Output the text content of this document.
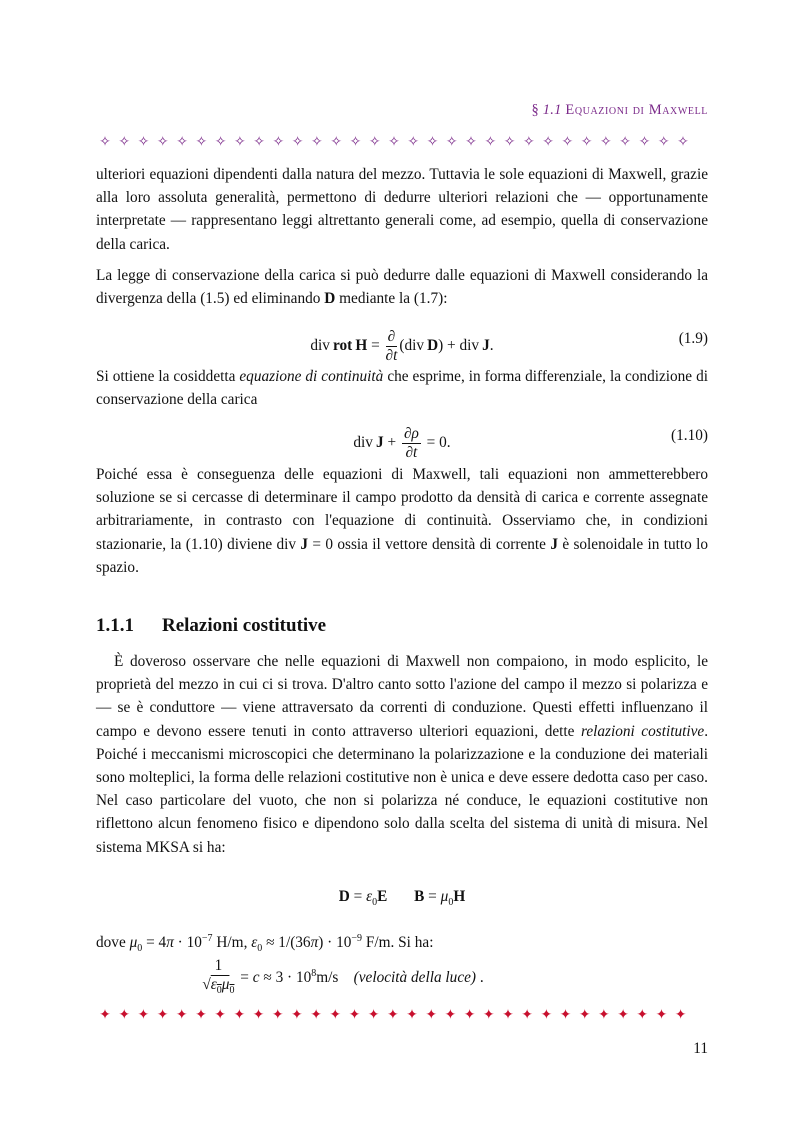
§ 1.1 Equazioni di Maxwell
✧ ✧ ✧ ✧ ✧ ✧ ✧ ✧ ✧ ✧ ✧ ✧ ✧ ✧ ✧ ✧ ✧ ✧ ✧ ✧ ✧ ✧ ✧ ✧ ✧ ✧ ✧ ✧ ✧ ✧ ✧

ulteriori equazioni dipendenti dalla natura del mezzo. Tuttavia le sole equazioni di Maxwell, grazie alla loro assoluta generalità, permettono di dedurre ulteriori relazioni che — opportunamente interpretate — rappresentano leggi altrettanto generali come, ad esempio, quella di conservazione della carica.

La legge di conservazione della carica si può dedurre dalle equazioni di Maxwell considerando la divergenza della (1.5) ed eliminando D mediante la (1.7):

div rot  $H = \frac{\partial}{\partial t} (div$ D) + div J.	(1.9)

Si ottiene la cosiddetta equazione di continuità che esprime, in forma differenziale, la condizione di conservazione della carica

div $J + \frac{\partial\rho}{\partial t} = 0$.	(1.10)

Poiché essa è conseguenza delle equazioni di Maxwell, tali equazioni non ammetterebbero soluzione se si cercasse di determinare il campo prodotto da densità di carica e corrente assegnate arbitrariamente, in contrasto con l'equazione di continuità. Osserviamo che, in condizioni stazionarie, la (1.10) diviene div J = 0 ossia il vettore densità di corrente J è solenoidale in tutto lo spazio.

1.1.1 Relazioni costitutive

È doveroso osservare che nelle equazioni di Maxwell non compaiono, in modo esplicito, le proprietà del mezzo in cui ci si trova. D'altro canto sotto l'azione del campo il mezzo si polarizza e — se è conduttore — viene attraversato da correnti di conduzione. Questi effetti influenzano il campo e devono essere tenuti in conto attraverso ulteriori equazioni, dette relazioni costitutive. Poiché i meccanismi microscopici che determinano la polarizzazione e la conduzione dei materiali sono molteplici, la forma delle relazioni costitutive non è unica e deve essere dedotta caso per caso. Nel caso particolare del vuoto, che non si polarizza né conduce, le equazioni costitutive non riflettono alcun fenomeno fisico e dipendono solo dalla scelta del sistema di unità di misura. Nel sistema MKSA si ha:

$D = \varepsilon_0E$ $B = \mu_0H$

dove $\mu_0 = 4\pi \cdot 10^{-7}$ H/m, $\varepsilon_0 \approx 1/(36\pi) \cdot 10^{-9}$ F/m. Si ha:

$\frac{1}{√\varepsilon_0\mu_0} = c \approx 3 \cdot 10^8m/s$    (velocità della luce) .
✦ ✦ ✦ ✦ ✦ ✦ ✦ ✦ ✦ ✦ ✦ ✦ ✦ ✦ ✦ ✦ ✦ ✦ ✦ ✦ ✦ ✦ ✦ ✦ ✦ ✦ ✦ ✦ ✦ ✦ ✦
11
